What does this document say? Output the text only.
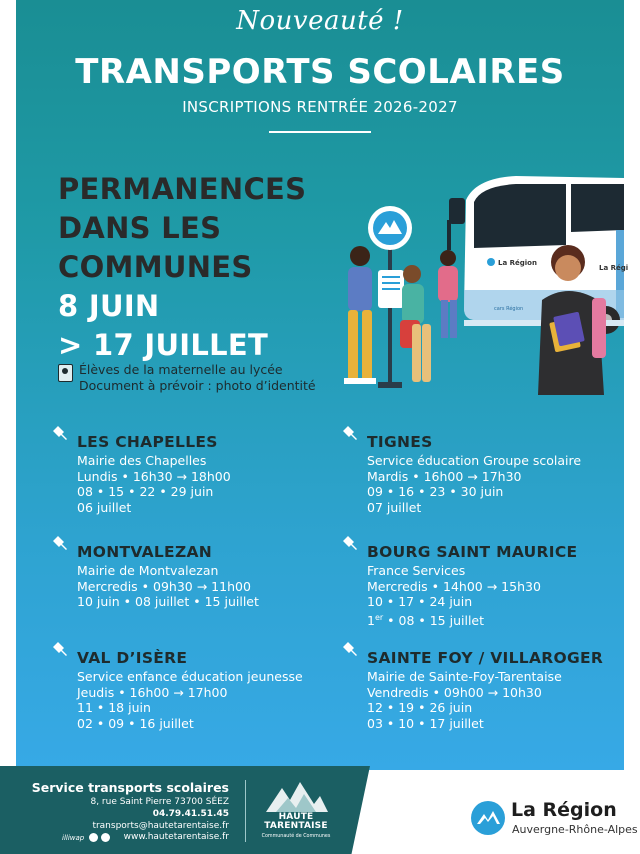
Nouveauté !
TRANSPORTS SCOLAIRES
INSCRIPTIONS RENTRÉE 2026-2027
PERMANENCES
DANS LES
COMMUNES
8 JUIN
> 17 JUILLET
Élèves de la maternelle au lycée
Document à prévoir : photo d’identité
La Région
cars Région
La Régi
LES CHAPELLES
Mairie des Chapelles
Lundis • 16h30 → 18h00
08 • 15 • 22 • 29 juin
06 juillet
TIGNES
Service éducation Groupe scolaire
Mardis • 16h00 → 17h30
09 • 16 • 23 • 30 juin
07 juillet
MONTVALEZAN
Mairie de Montvalezan
Mercredis • 09h30 → 11h00
10 juin • 08 juillet • 15 juillet
BOURG SAINT MAURICE
France Services
Mercredis • 14h00 → 15h30
10 • 17 • 24 juin
1er • 08 • 15 juillet
VAL D’ISÈRE
Service enfance éducation jeunesse
Jeudis • 16h00 → 17h00
11 • 18 juin
02 • 09 • 16 juillet
SAINTE FOY / VILLAROGER
Mairie de Sainte-Foy-Tarentaise
Vendredis • 09h00 → 10h30
12 • 19 • 26 juin
03 • 10 • 17 juillet
Service transports scolaires
8, rue Saint Pierre 73700 SÉEZ
04.79.41.51.45
transports@hautetarentaise.fr
www.hautetarentaise.fr
illiwap
HAUTE
TARENTAISE
Communauté de Communes
La Région
Auvergne-Rhône-Alpes
